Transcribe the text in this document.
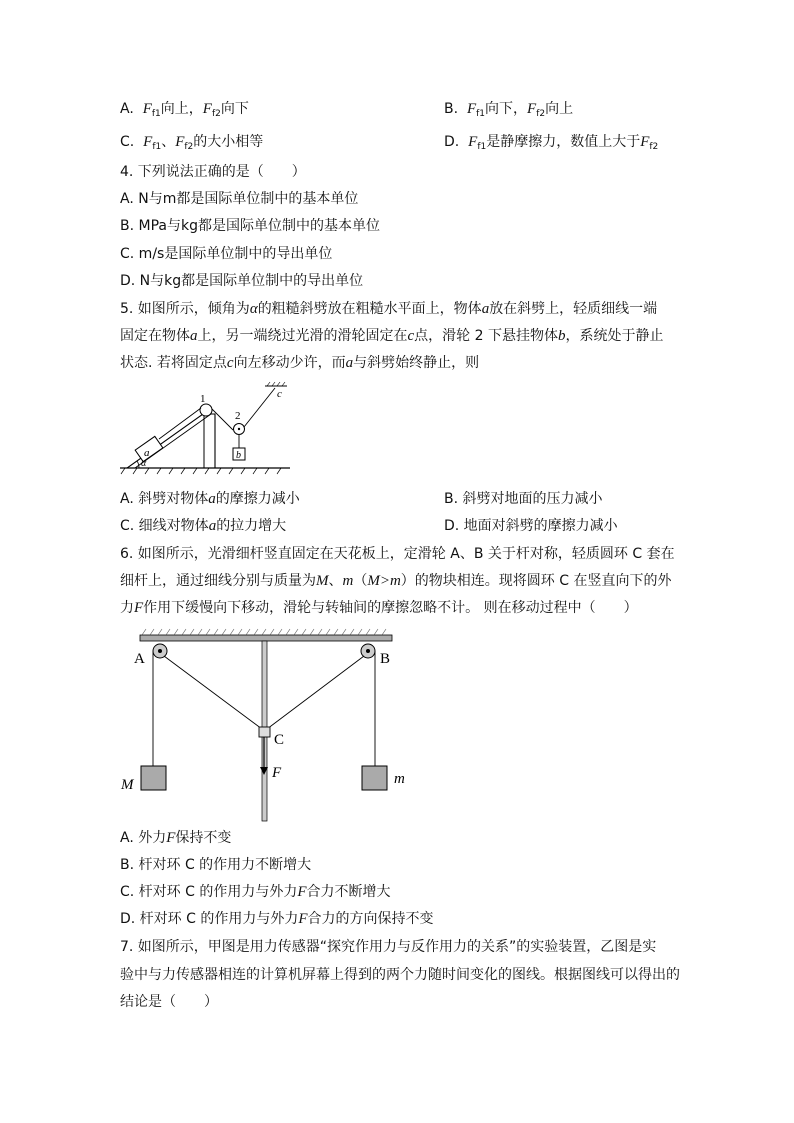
A. $F_{f1}$向上，$F_{f2}$向下	B. $F_{f1}$向下，$F_{f2}$向上
C. $F_{f1}$、$F_{f2}$的大小相等	D. $F_{f1}$是静摩擦力，数值上大于$F_{f2}$
4. 下列说法正确的是（　　）
A. N与m都是国际单位制中的基本单位
B. MPa与kg都是国际单位制中的基本单位
C. m/s是国际单位制中的导出单位
D. N与kg都是国际单位制中的导出单位
5. 如图所示，倾角为α的粗糙斜劈放在粗糙水平面上，物体a放在斜劈上，轻质细线一端
固定在物体a上，另一端绕过光滑的滑轮固定在c点，滑轮 2 下悬挂物体b，系统处于静止
状态. 若将固定点c向左移动少许，而a与斜劈始终静止，则
a
α
1
2
c
b
A. 斜劈对物体a的摩擦力减小	B. 斜劈对地面的压力减小
C. 细线对物体a的拉力增大	D. 地面对斜劈的摩擦力减小
6. 如图所示，光滑细杆竖直固定在天花板上，定滑轮 A、B 关于杆对称，轻质圆环 C 套在
细杆上，通过细线分别与质量为M、m（M>m）的物块相连。现将圆环 C 在竖直向下的外
力F作用下缓慢向下移动，滑轮与转轴间的摩擦忽略不计。 则在移动过程中（　　）
A	B
C
F
M	m
A. 外力F保持不变
B. 杆对环 C 的作用力不断增大
C. 杆对环 C 的作用力与外力F合力不断增大
D. 杆对环 C 的作用力与外力F合力的方向保持不变
7. 如图所示，甲图是用力传感器“探究作用力与反作用力的关系”的实验装置，乙图是实
验中与力传感器相连的计算机屏幕上得到的两个力随时间变化的图线。根据图线可以得出的
结论是（　　）
